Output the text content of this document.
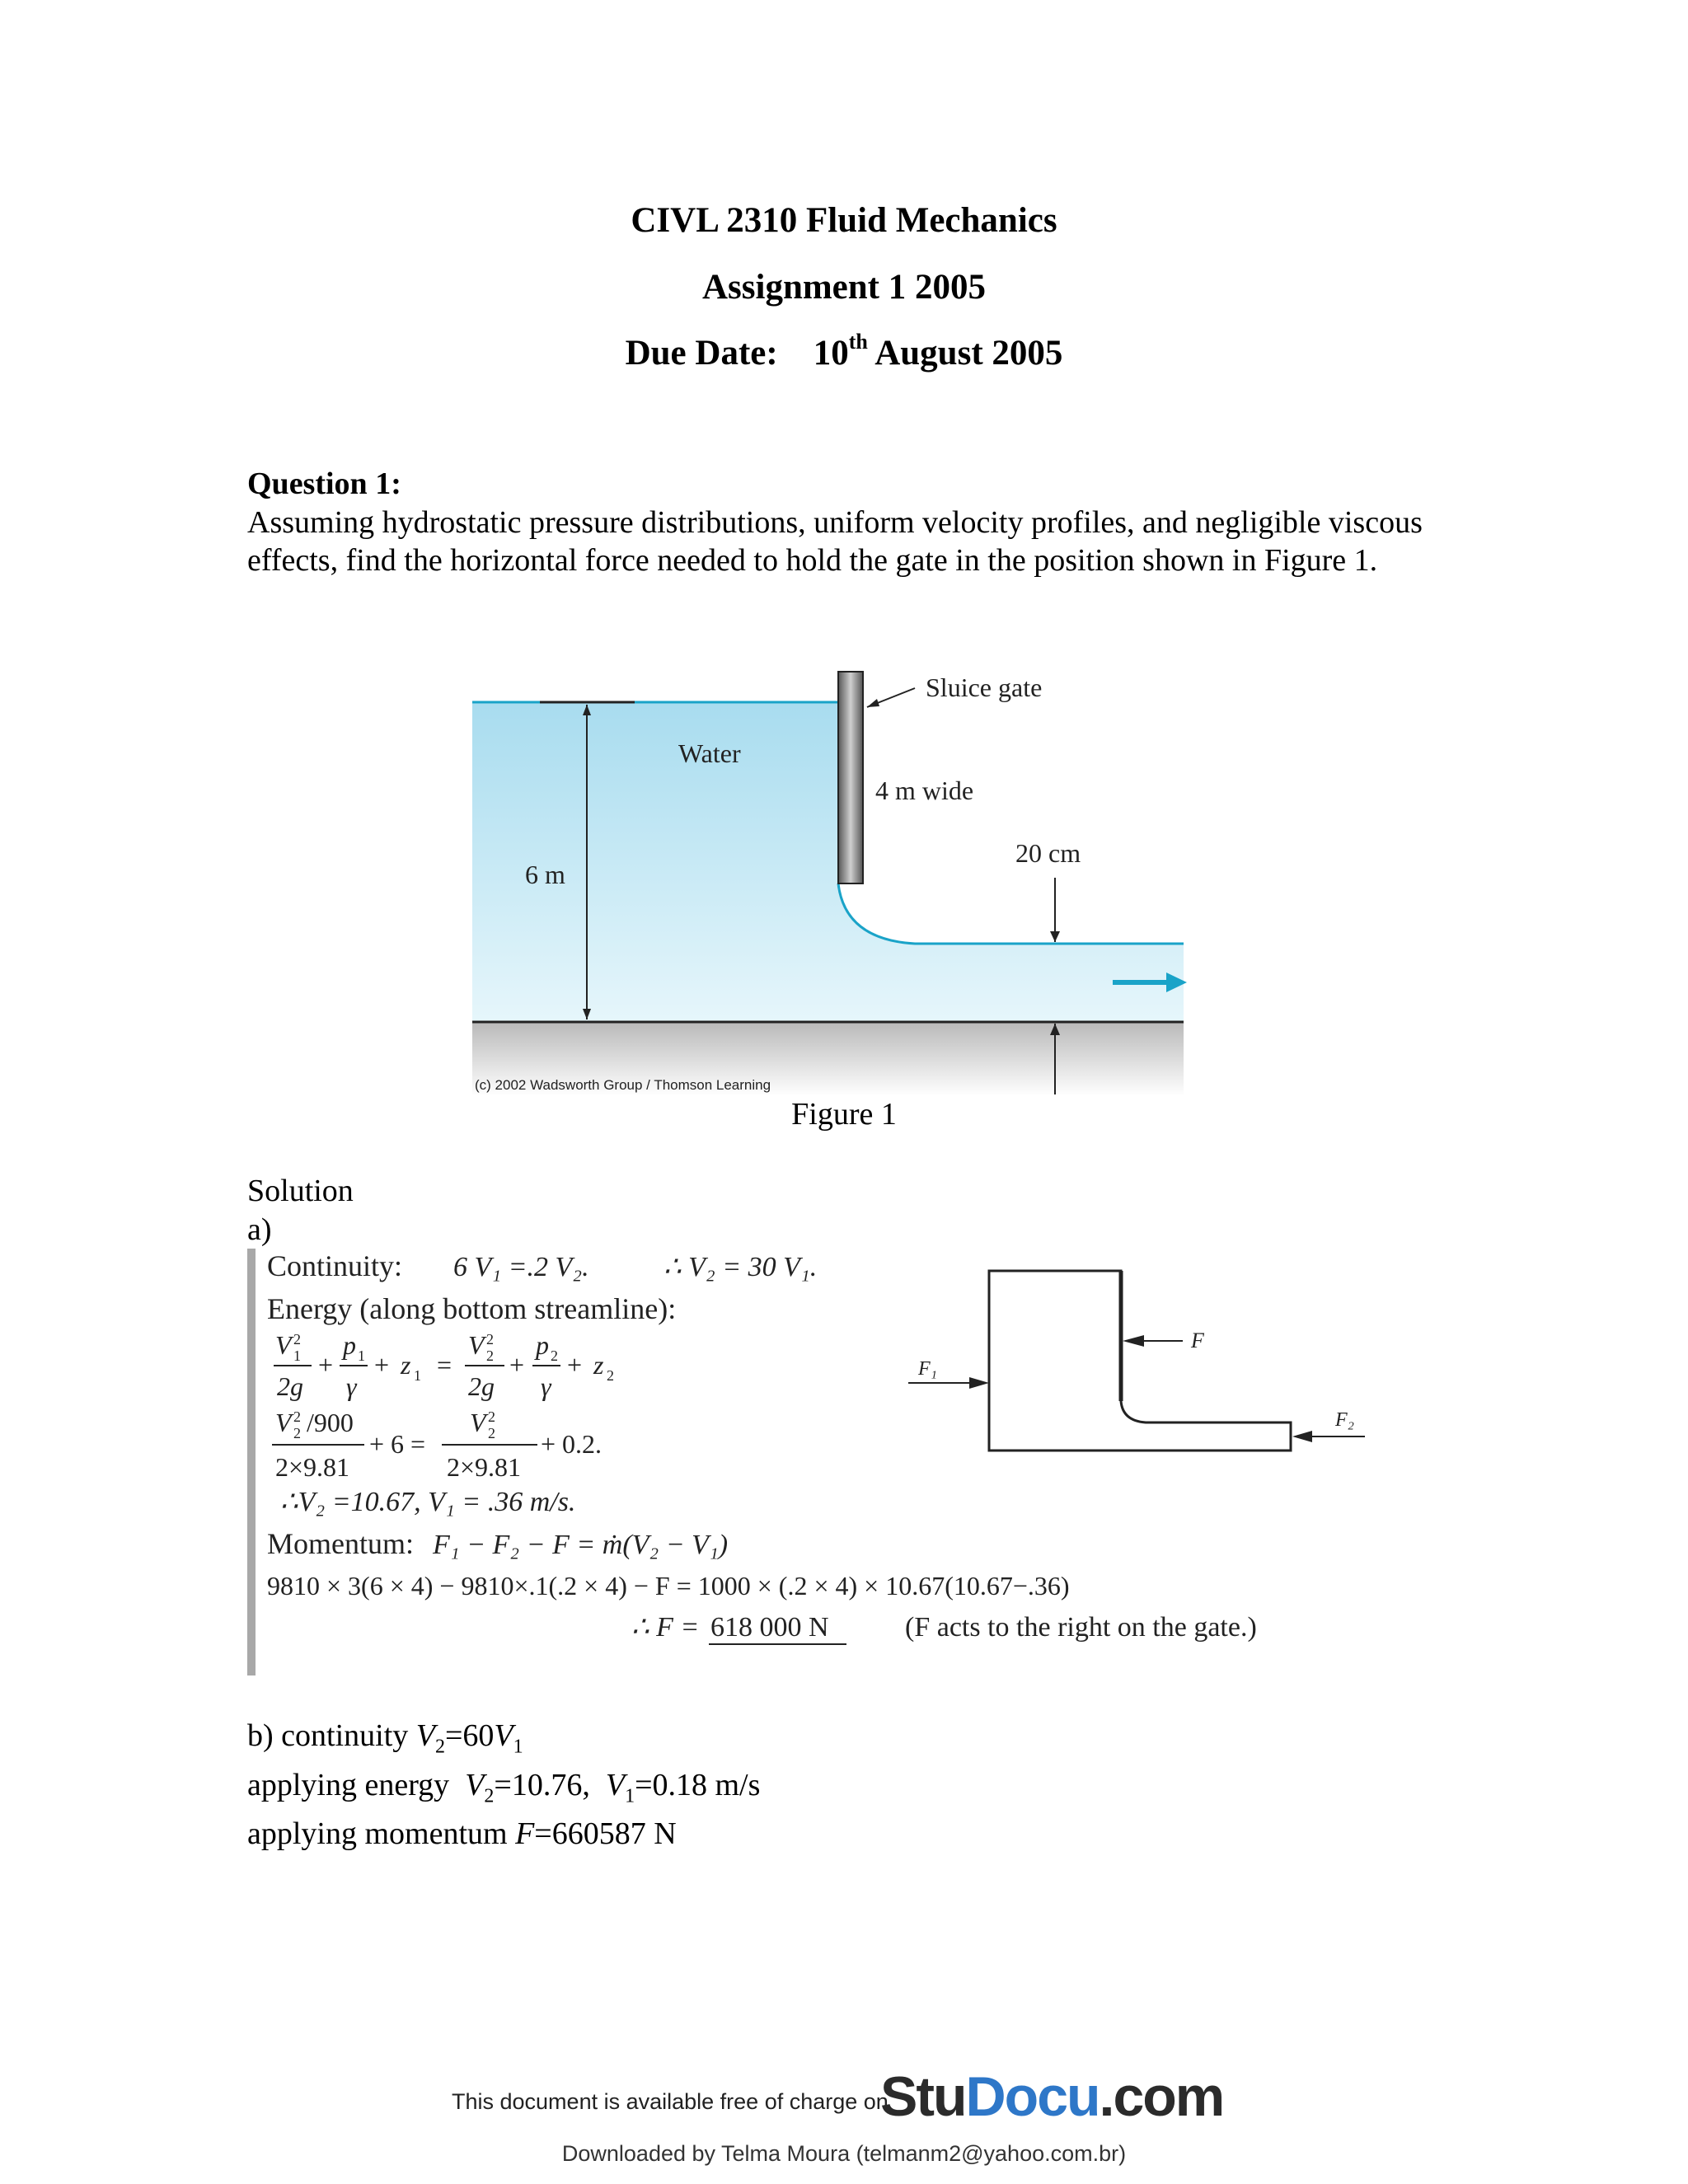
CIVL 2310 Fluid Mechanics
Assignment 1 2005
Due Date: 10th August 2005
Question 1:
Assuming hydrostatic pressure distributions, uniform velocity profiles, and negligible viscous effects, find the horizontal force needed to hold the gate in the position shown in Figure 1.
Water
Sluice gate
4 m wide
6 m
20 cm
(c) 2002 Wadsworth Group / Thomson Learning
Figure 1
Solution
a)
Continuity: 6 V₁ =.2 V₂.	∴ V₂ = 30 V₁.
Energy (along bottom streamline):
V 2
1
2g
+
p 1
γ
+ z 1 =
V 2
2
2g
+
p 2
γ
+ z 2
V 2
2 /900
2×9.81
+ 6 =
V 2
2
2×9.81
+ 0.2.
∴V₂ =10.67, V₁ = .36 m/s.
Momentum: F₁ − F₂ − F = ṁ(V₂ − V₁)
9810 × 3(6 × 4) − 9810×.1(.2 × 4) − F = 1000 × (.2 × 4) × 10.67(10.67−.36)
∴ F = 618 000 N	(F acts to the right on the gate.)
F
F₁
F₂
b) continuity $V_2=60V_1$
applying energy $V_2=10.76$, $V_1=0.18$ m/s
applying momentum F=660587 N
This document is available free of charge on
StuDocu.com
Downloaded by Telma Moura (telmanm2@yahoo.com.br)
